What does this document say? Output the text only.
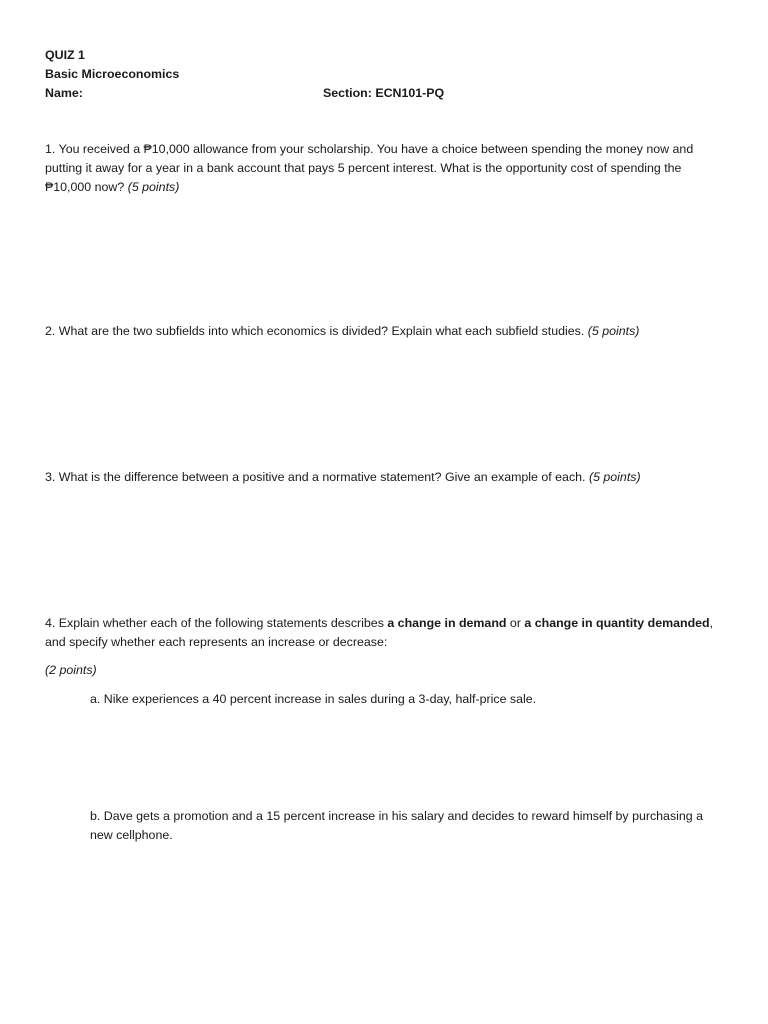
QUIZ 1
Basic Microeconomics
Name:	Section: ECN101-PQ
1. You received a ₱10,000 allowance from your scholarship. You have a choice between spending the money now and putting it away for a year in a bank account that pays 5 percent interest. What is the opportunity cost of spending the ₱10,000 now? (5 points)
2. What are the two subfields into which economics is divided? Explain what each subfield studies. (5 points)
3. What is the difference between a positive and a normative statement? Give an example of each. (5 points)
4. Explain whether each of the following statements describes a change in demand or a change in quantity demanded, and specify whether each represents an increase or decrease:
(2 points)
a. Nike experiences a 40 percent increase in sales during a 3-day, half-price sale.
b. Dave gets a promotion and a 15 percent increase in his salary and decides to reward himself by purchasing a new cellphone.
